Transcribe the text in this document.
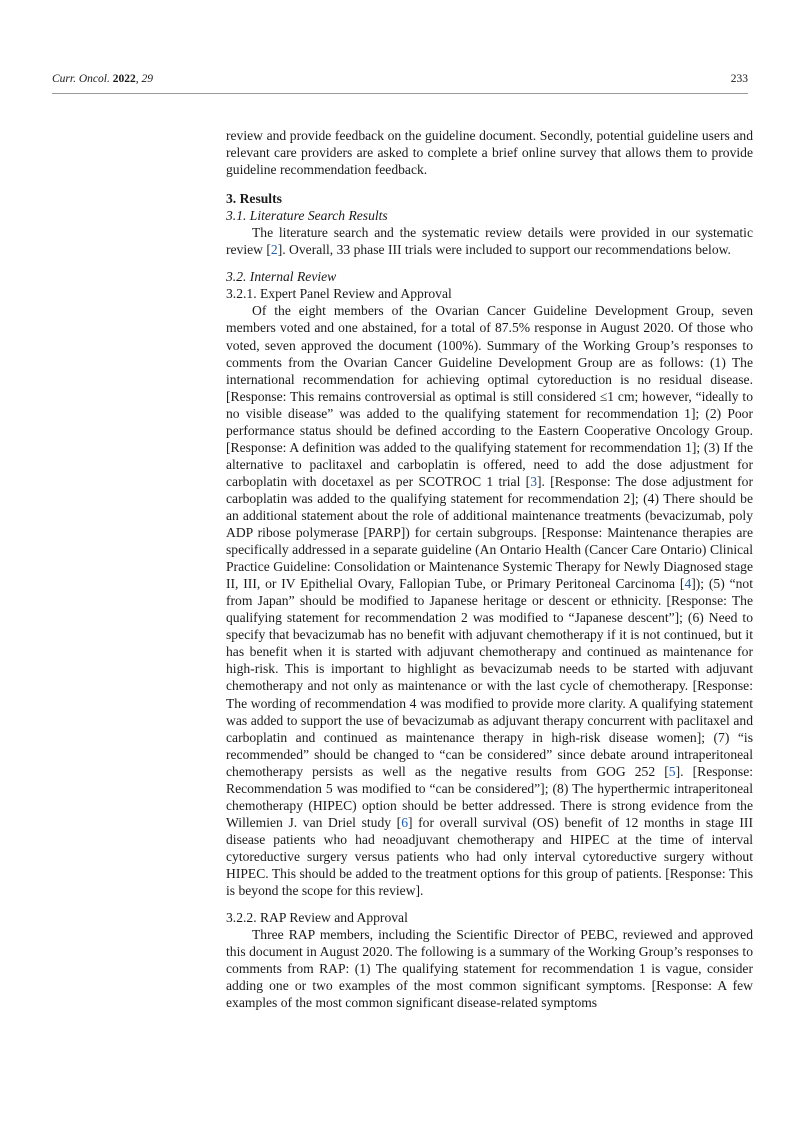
Curr. Oncol. 2022, 29	233

review and provide feedback on the guideline document. Secondly, potential guideline users and relevant care providers are asked to complete a brief online survey that allows them to provide guideline recommendation feedback.

3. Results

3.1. Literature Search Results

The literature search and the systematic review details were provided in our systematic review [2]. Overall, 33 phase III trials were included to support our recommendations below.

3.2. Internal Review

3.2.1. Expert Panel Review and Approval

Of the eight members of the Ovarian Cancer Guideline Development Group, seven members voted and one abstained, for a total of 87.5% response in August 2020. Of those who voted, seven approved the document (100%). Summary of the Working Group’s responses to comments from the Ovarian Cancer Guideline Development Group are as follows: (1) The international recommendation for achieving optimal cytoreduction is no residual disease. [Response: This remains controversial as optimal is still considered ≤1 cm; however, “ideally to no visible disease” was added to the qualifying statement for recommendation 1]; (2) Poor performance status should be defined according to the Eastern Cooperative Oncology Group. [Response: A definition was added to the qualifying statement for recommendation 1]; (3) If the alternative to paclitaxel and carboplatin is offered, need to add the dose adjustment for carboplatin with docetaxel as per SCOTROC 1 trial [3]. [Response: The dose adjustment for carboplatin was added to the qualifying statement for recommendation 2]; (4) There should be an additional statement about the role of additional maintenance treatments (bevacizumab, poly ADP ribose polymerase [PARP]) for certain subgroups. [Response: Maintenance therapies are specifically addressed in a separate guideline (An Ontario Health (Cancer Care Ontario) Clinical Practice Guideline: Consolidation or Maintenance Systemic Therapy for Newly Diagnosed stage II, III, or IV Epithelial Ovary, Fallopian Tube, or Primary Peritoneal Carcinoma [4]); (5) “not from Japan” should be modified to Japanese heritage or descent or ethnicity. [Response: The qualifying statement for recommendation 2 was modified to “Japanese descent”]; (6) Need to specify that bevacizumab has no benefit with adjuvant chemotherapy if it is not continued, but it has benefit when it is started with adjuvant chemotherapy and continued as maintenance for high-risk. This is important to highlight as bevacizumab needs to be started with adjuvant chemotherapy and not only as maintenance or with the last cycle of chemotherapy. [Response: The wording of recommendation 4 was modified to provide more clarity. A qualifying statement was added to support the use of bevacizumab as adjuvant therapy concurrent with paclitaxel and carboplatin and continued as maintenance therapy in high-risk disease women]; (7) “is recommended” should be changed to “can be considered” since debate around intraperitoneal chemotherapy persists as well as the negative results from GOG 252 [5]. [Response: Recommendation 5 was modified to “can be considered”]; (8) The hyperthermic intraperitoneal chemotherapy (HIPEC) option should be better addressed. There is strong evidence from the Willemien J. van Driel study [6] for overall survival (OS) benefit of 12 months in stage III disease patients who had neoadjuvant chemotherapy and HIPEC at the time of interval cytoreductive surgery versus patients who had only interval cytoreductive surgery without HIPEC. This should be added to the treatment options for this group of patients. [Response: This is beyond the scope for this review].

3.2.2. RAP Review and Approval

Three RAP members, including the Scientific Director of PEBC, reviewed and approved this document in August 2020. The following is a summary of the Working Group’s responses to comments from RAP: (1) The qualifying statement for recommendation 1 is vague, consider adding one or two examples of the most common significant symptoms. [Response: A few examples of the most common significant disease-related symptoms
